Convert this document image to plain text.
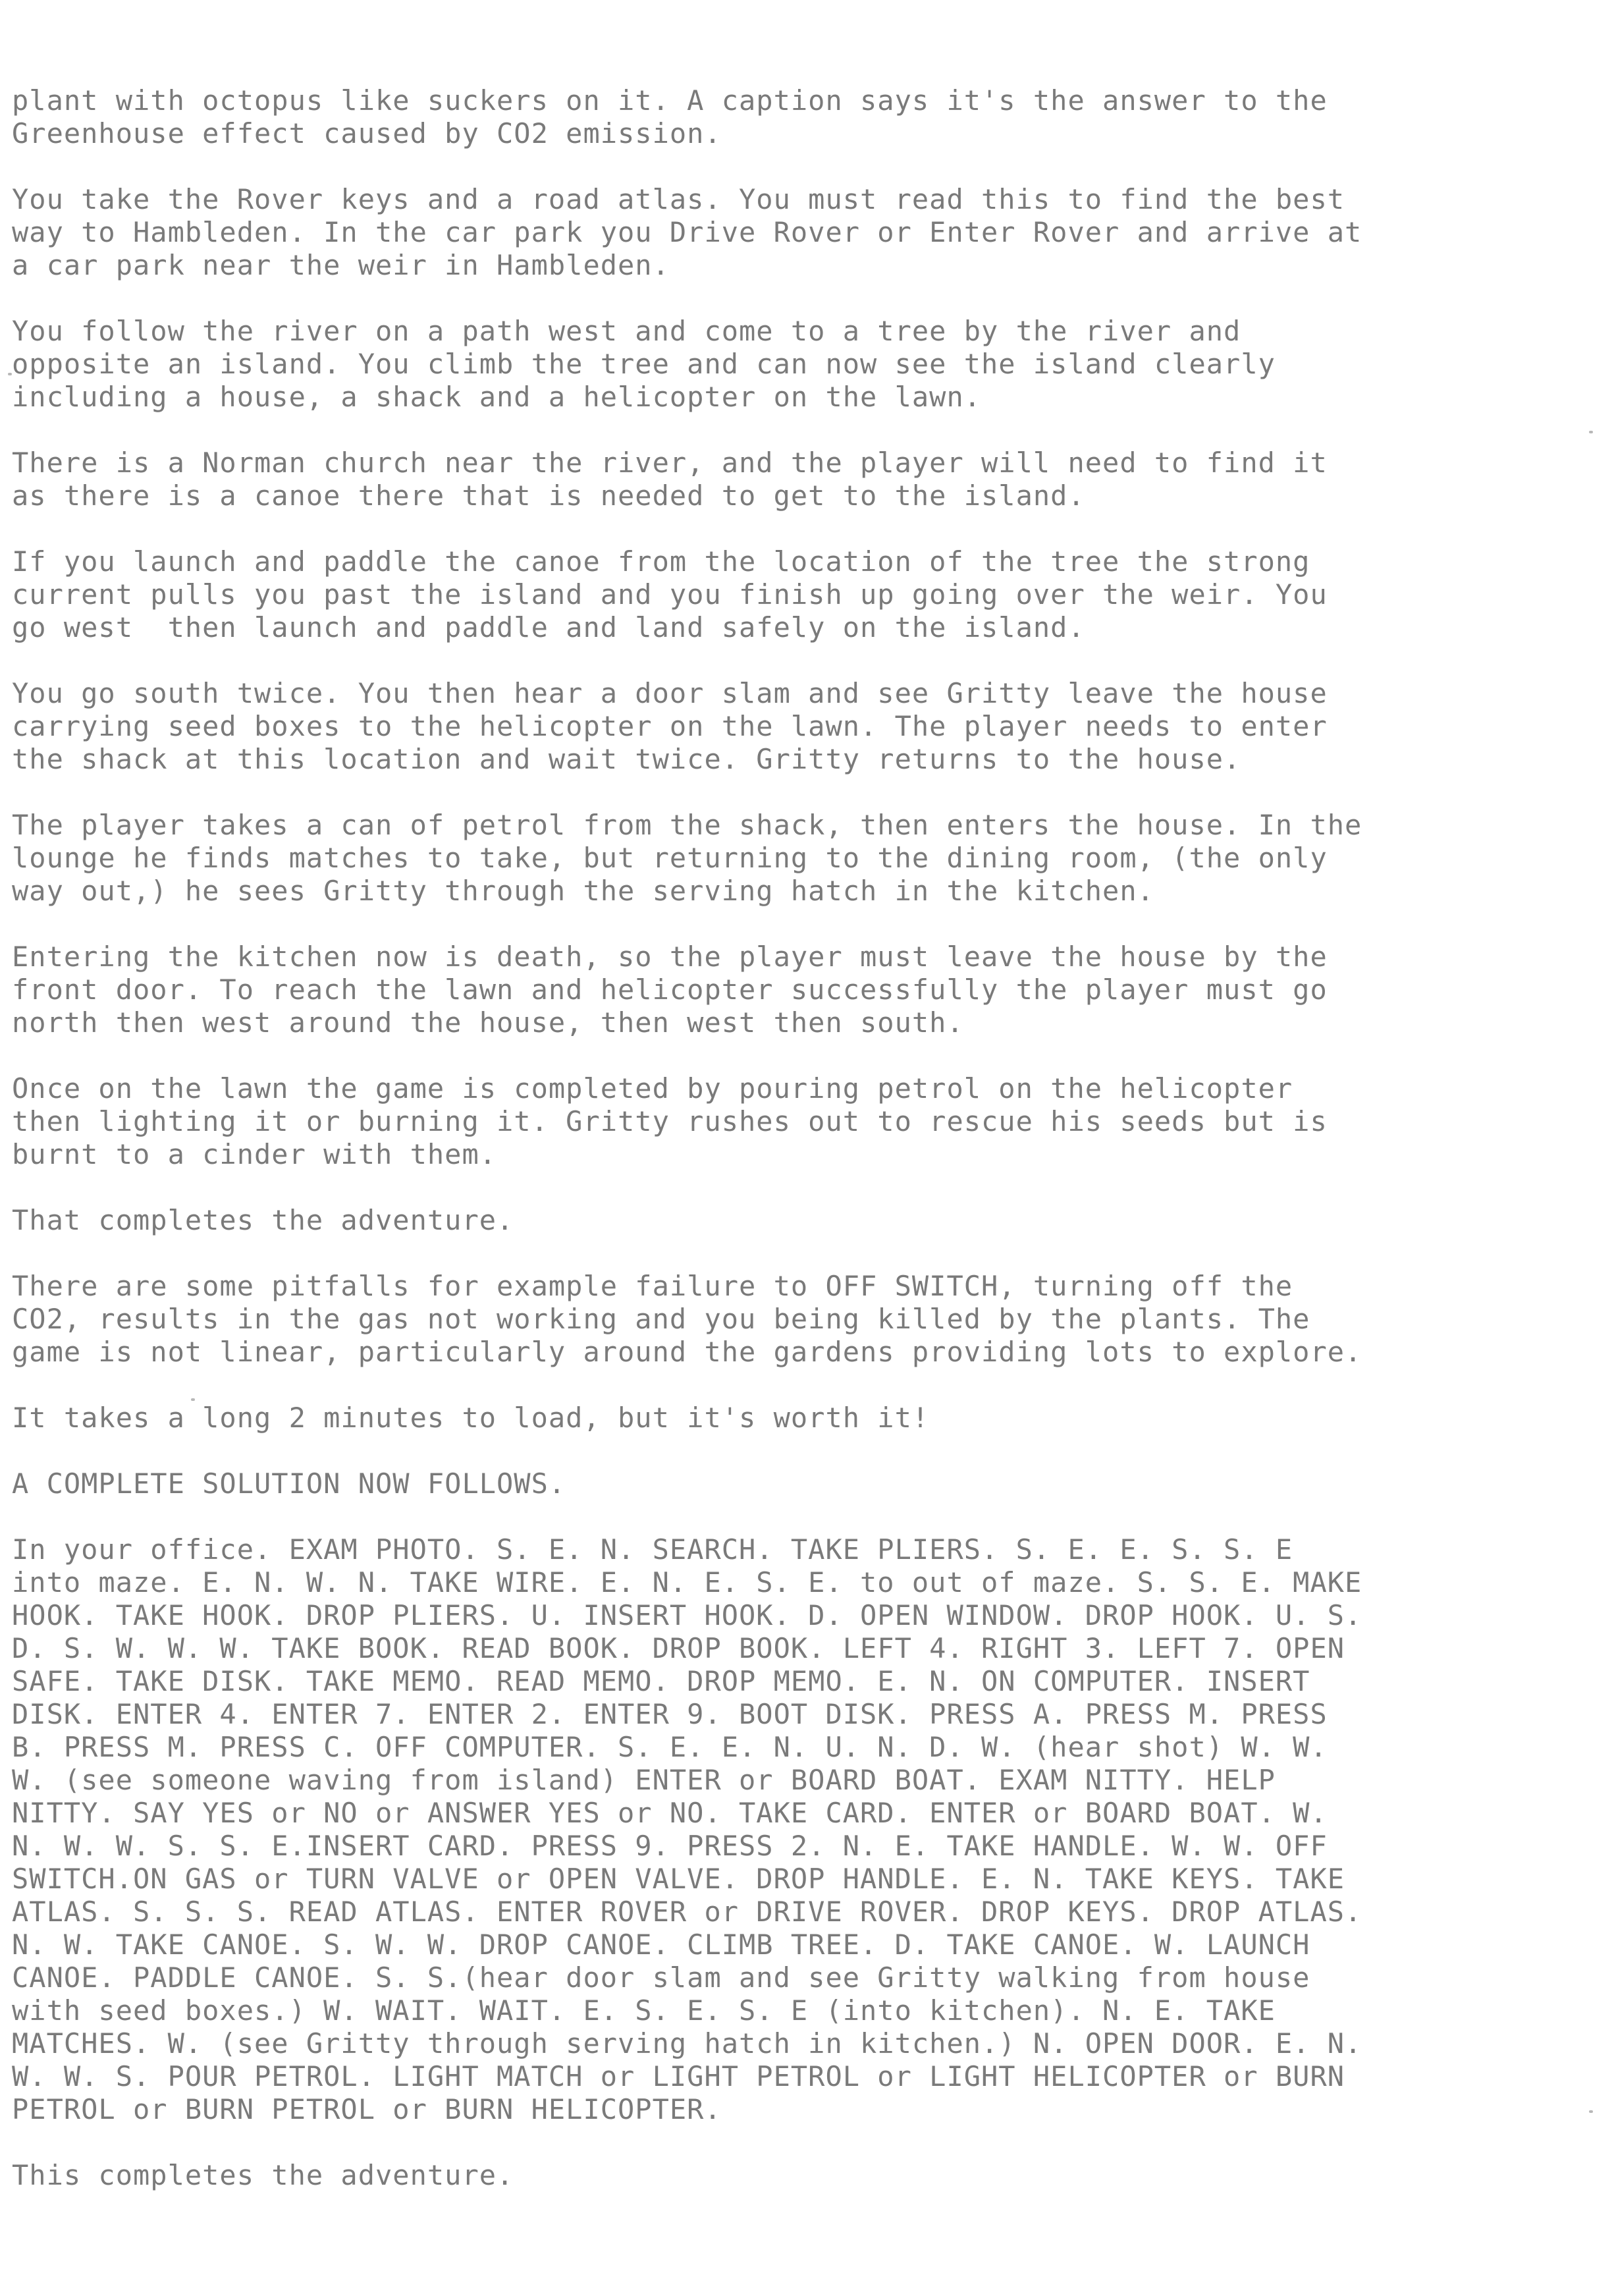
plant with octopus like suckers on it. A caption says it's the answer to the
Greenhouse effect caused by CO2 emission.

You take the Rover keys and a road atlas. You must read this to find the best
way to Hambleden. In the car park you Drive Rover or Enter Rover and arrive at
a car park near the weir in Hambleden.

You follow the river on a path west and come to a tree by the river and
opposite an island. You climb the tree and can now see the island clearly
including a house, a shack and a helicopter on the lawn.

There is a Norman church near the river, and the player will need to find it
as there is a canoe there that is needed to get to the island.

If you launch and paddle the canoe from the location of the tree the strong
current pulls you past the island and you finish up going over the weir. You
go west  then launch and paddle and land safely on the island.

You go south twice. You then hear a door slam and see Gritty leave the house
carrying seed boxes to the helicopter on the lawn. The player needs to enter
the shack at this location and wait twice. Gritty returns to the house.

The player takes a can of petrol from the shack, then enters the house. In the
lounge he finds matches to take, but returning to the dining room, (the only
way out,) he sees Gritty through the serving hatch in the kitchen.

Entering the kitchen now is death, so the player must leave the house by the
front door. To reach the lawn and helicopter successfully the player must go
north then west around the house, then west then south.

Once on the lawn the game is completed by pouring petrol on the helicopter
then lighting it or burning it. Gritty rushes out to rescue his seeds but is
burnt to a cinder with them.

That completes the adventure.

There are some pitfalls for example failure to OFF SWITCH, turning off the
CO2, results in the gas not working and you being killed by the plants. The
game is not linear, particularly around the gardens providing lots to explore.

It takes a long 2 minutes to load, but it's worth it!

A COMPLETE SOLUTION NOW FOLLOWS.

In your office. EXAM PHOTO. S. E. N. SEARCH. TAKE PLIERS. S. E. E. S. S. E
into maze. E. N. W. N. TAKE WIRE. E. N. E. S. E. to out of maze. S. S. E. MAKE
HOOK. TAKE HOOK. DROP PLIERS. U. INSERT HOOK. D. OPEN WINDOW. DROP HOOK. U. S.
D. S. W. W. W. TAKE BOOK. READ BOOK. DROP BOOK. LEFT 4. RIGHT 3. LEFT 7. OPEN
SAFE. TAKE DISK. TAKE MEMO. READ MEMO. DROP MEMO. E. N. ON COMPUTER. INSERT
DISK. ENTER 4. ENTER 7. ENTER 2. ENTER 9. BOOT DISK. PRESS A. PRESS M. PRESS
B. PRESS M. PRESS C. OFF COMPUTER. S. E. E. N. U. N. D. W. (hear shot) W. W.
W. (see someone waving from island) ENTER or BOARD BOAT. EXAM NITTY. HELP
NITTY. SAY YES or NO or ANSWER YES or NO. TAKE CARD. ENTER or BOARD BOAT. W.
N. W. W. S. S. E.INSERT CARD. PRESS 9. PRESS 2. N. E. TAKE HANDLE. W. W. OFF
SWITCH.ON GAS or TURN VALVE or OPEN VALVE. DROP HANDLE. E. N. TAKE KEYS. TAKE
ATLAS. S. S. S. READ ATLAS. ENTER ROVER or DRIVE ROVER. DROP KEYS. DROP ATLAS.
N. W. TAKE CANOE. S. W. W. DROP CANOE. CLIMB TREE. D. TAKE CANOE. W. LAUNCH
CANOE. PADDLE CANOE. S. S.(hear door slam and see Gritty walking from house
with seed boxes.) W. WAIT. WAIT. E. S. E. S. E (into kitchen). N. E. TAKE
MATCHES. W. (see Gritty through serving hatch in kitchen.) N. OPEN DOOR. E. N.
W. W. S. POUR PETROL. LIGHT MATCH or LIGHT PETROL or LIGHT HELICOPTER or BURN
PETROL or BURN PETROL or BURN HELICOPTER.

This completes the adventure.
